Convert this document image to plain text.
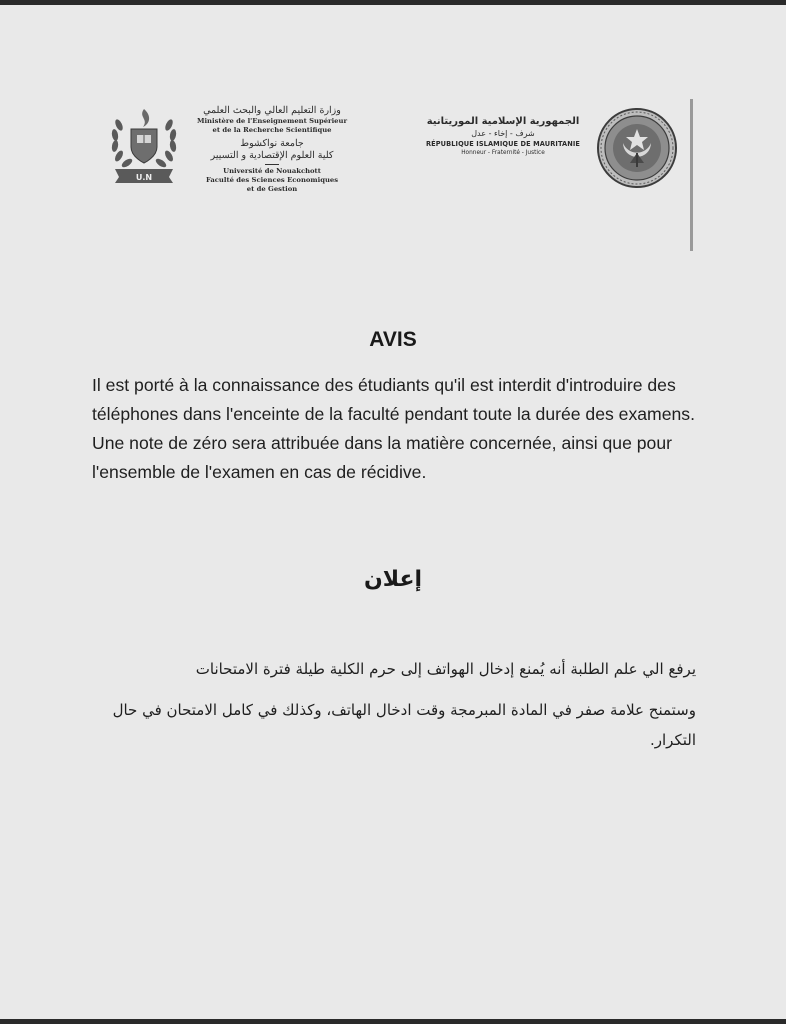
U.N
وزارة التعليم العالي والبحث العلمي
Ministère de l'Enseignement Supérieur
et de la Recherche Scientifique
جامعة نواكشوط
كلية العلوم الإقتصادية و التسيير
Université de Nouakchott
Faculté des Sciences Economiques
et de Gestion
الجمهورية الإسلامية الموريتانية
شرف - إخاء - عدل
RÉPUBLIQUE ISLAMIQUE DE MAURITANIE
Honneur - Fraternité - Justice
AVIS

Il est porté à la connaissance des étudiants qu'il est interdit d'introduire des téléphones dans l'enceinte de la faculté pendant toute la durée des examens.

Une note de zéro sera attribuée dans la matière concernée, ainsi que pour l'ensemble de l'examen en cas de récidive.

إعلان
يرفع الي علم الطلبة أنه يُمنع إدخال الهواتف إلى حرم الكلية طيلة فترة الامتحانات
وستمنح علامة صفر في المادة المبرمجة وقت ادخال الهاتف، وكذلك في كامل الامتحان في حال التكرار.
